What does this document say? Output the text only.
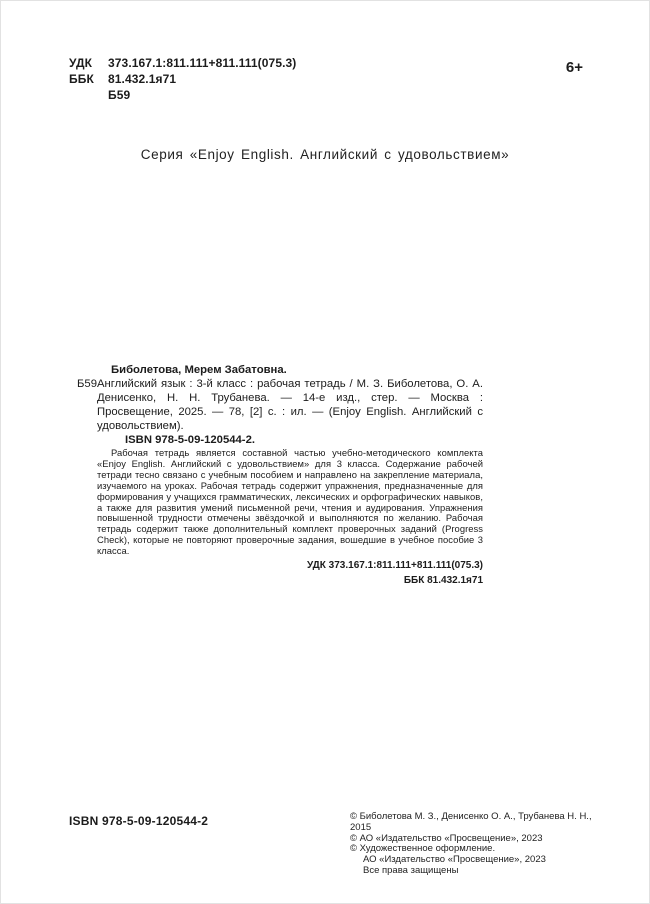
УДК	373.167.1:811.111+811.111(075.3)
ББК	81.432.1я71
Б59
6+
Серия «Enjoy English. Английский с удовольствием»
Биболетова, Мерем Забатовна.
Б59 Английский язык : 3-й класс : рабочая тетрадь / М. З. Биболетова, О. А. Денисенко, Н. Н. Трубанева. — 14-е изд., стер. — Москва : Просвещение, 2025. — 78, [2] с. : ил. — (Enjoy English. Английский с удовольствием).

ISBN 978-5-09-120544-2.

Рабочая тетрадь является составной частью учебно-методического комплекта «Enjoy English. Английский с удовольствием» для 3 класса. Содержание рабочей тетради тесно связано с учебным пособием и направлено на закрепление материала, изучаемого на уроках. Рабочая тетрадь содержит упражнения, предназначенные для формирования у учащихся грамматических, лексических и орфографических навыков, а также для развития умений письменной речи, чтения и аудирования. Упражнения повышенной трудности отмечены звёздочкой и выполняются по желанию. Рабочая тетрадь содержит также дополнительный комплект проверочных заданий (Progress Check), которые не повторяют проверочные задания, вошедшие в учебное пособие 3 класса.

УДК 373.167.1:811.111+811.111(075.3)
ББК 81.432.1я71
ISBN 978-5-09-120544-2	© Биболетова М. З., Денисенко О. А., Трубанева Н. Н., 2015
© АО «Издательство «Просвещение», 2023
© Художественное оформление.
АО «Издательство «Просвещение», 2023
Все права защищены
